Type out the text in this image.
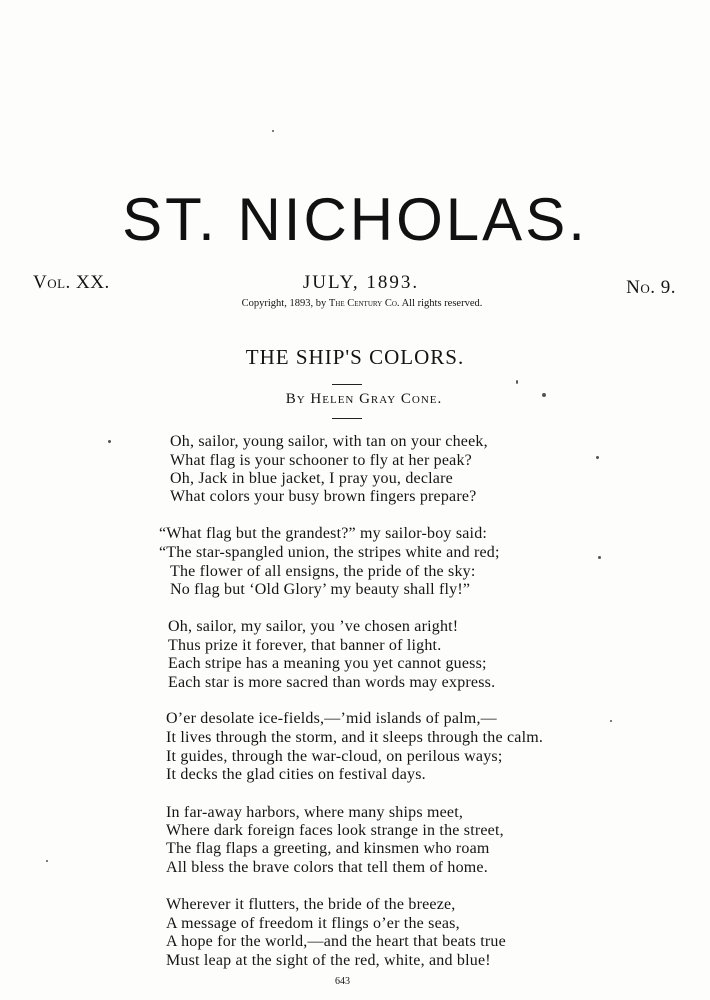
ST. NICHOLAS.
Vol. XX.	JULY, 1893.	No. 9.
Copyright, 1893, by The Century Co. All rights reserved.
THE SHIP'S COLORS.
By Helen Gray Cone.
Oh, sailor, young sailor, with tan on your cheek,
What flag is your schooner to fly at her peak?
Oh, Jack in blue jacket, I pray you, declare
What colors your busy brown fingers prepare?
“What flag but the grandest?” my sailor-boy said:
“The star-spangled union, the stripes white and red;
The flower of all ensigns, the pride of the sky:
No flag but ‘Old Glory’ my beauty shall fly!”
Oh, sailor, my sailor, you ’ve chosen aright!
Thus prize it forever, that banner of light.
Each stripe has a meaning you yet cannot guess;
Each star is more sacred than words may express.
O’er desolate ice-fields,—’mid islands of palm,—
It lives through the storm, and it sleeps through the calm.
It guides, through the war-cloud, on perilous ways;
It decks the glad cities on festival days.
In far-away harbors, where many ships meet,
Where dark foreign faces look strange in the street,
The flag flaps a greeting, and kinsmen who roam
All bless the brave colors that tell them of home.
Wherever it flutters, the bride of the breeze,
A message of freedom it flings o’er the seas,
A hope for the world,—and the heart that beats true
Must leap at the sight of the red, white, and blue!
643
